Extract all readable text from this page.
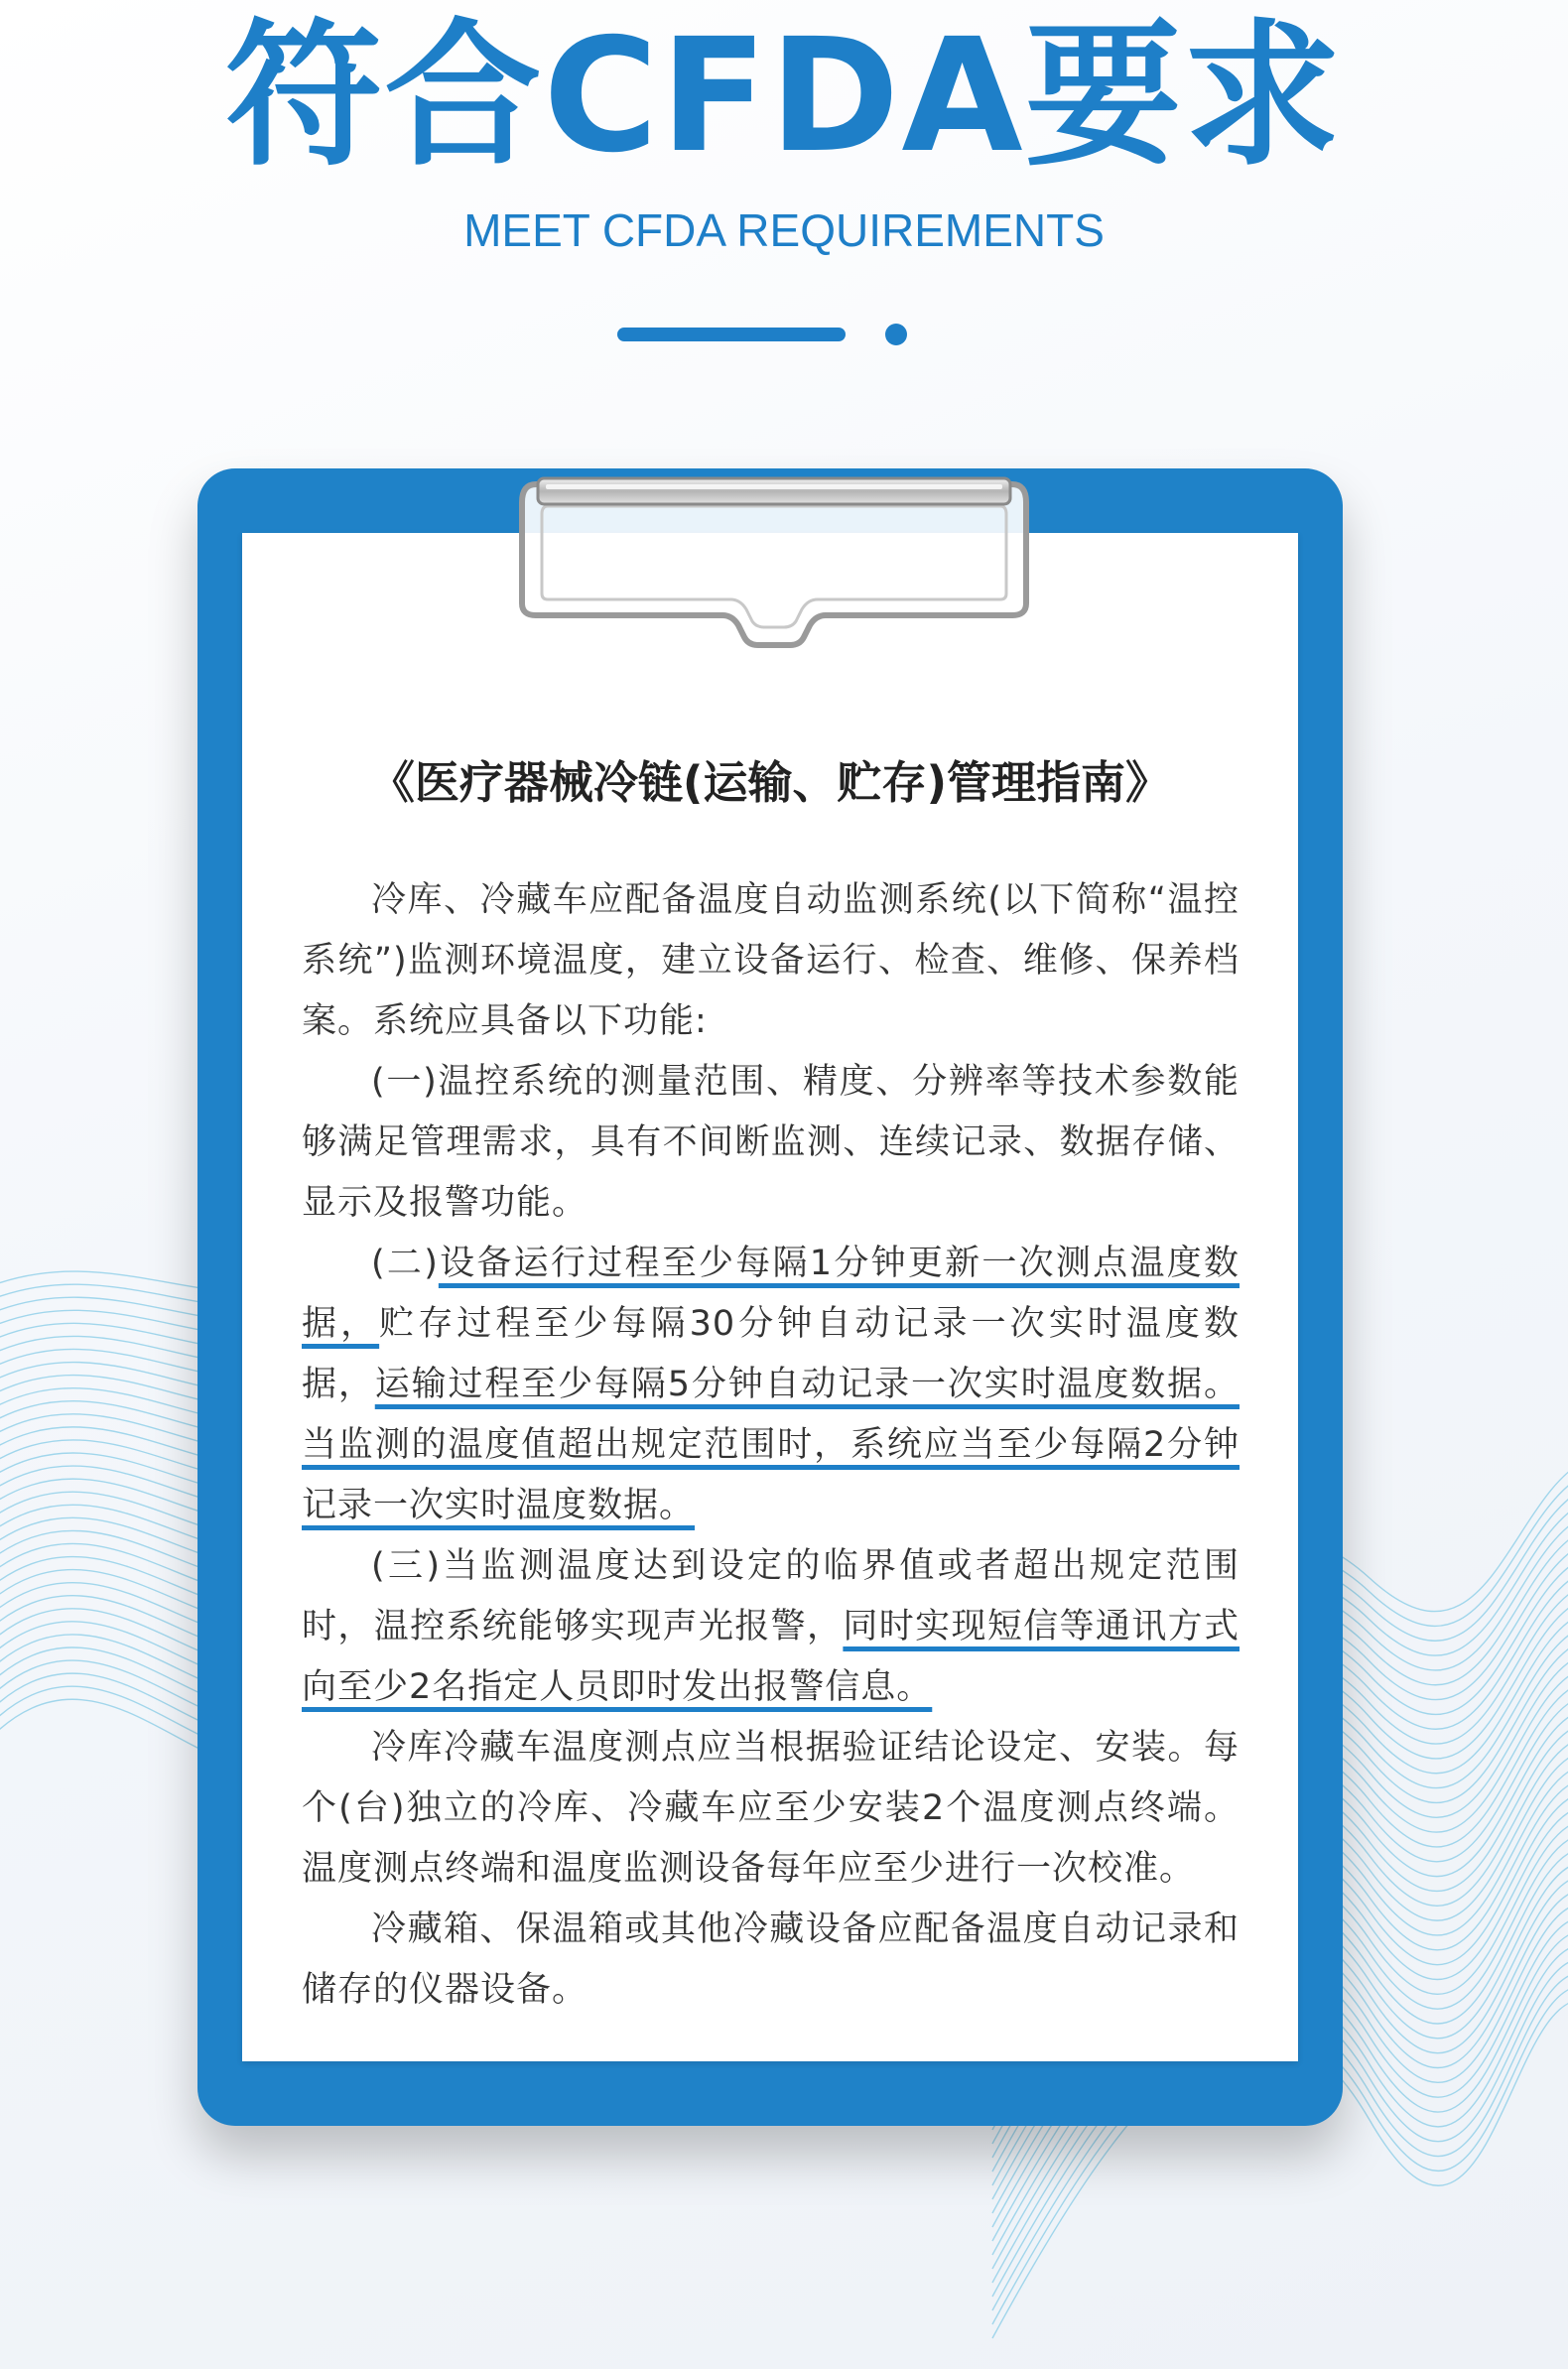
符合CFDA要求
MEET CFDA REQUIREMENTS
《医疗器械冷链(运输、贮存)管理指南》

冷库、冷藏车应配备温度自动监测系统(以下简称“温控系统”)监测环境温度，建立设备运行、检查、维修、保养档案。系统应具备以下功能:

(一)温控系统的测量范围、精度、分辨率等技术参数能够满足管理需求，具有不间断监测、连续记录、数据存储、显示及报警功能。

(二)设备运行过程至少每隔1分钟更新一次测点温度数据，贮存过程至少每隔30分钟自动记录一次实时温度数据，运输过程至少每隔5分钟自动记录一次实时温度数据。当监测的温度值超出规定范围时，系统应当至少每隔2分钟记录一次实时温度数据。

(三)当监测温度达到设定的临界值或者超出规定范围时，温控系统能够实现声光报警，同时实现短信等通讯方式向至少2名指定人员即时发出报警信息。

冷库冷藏车温度测点应当根据验证结论设定、安装。每个(台)独立的冷库、冷藏车应至少安装2个温度测点终端。温度测点终端和温度监测设备每年应至少进行一次校准。

冷藏箱、保温箱或其他冷藏设备应配备温度自动记录和储存的仪器设备。
